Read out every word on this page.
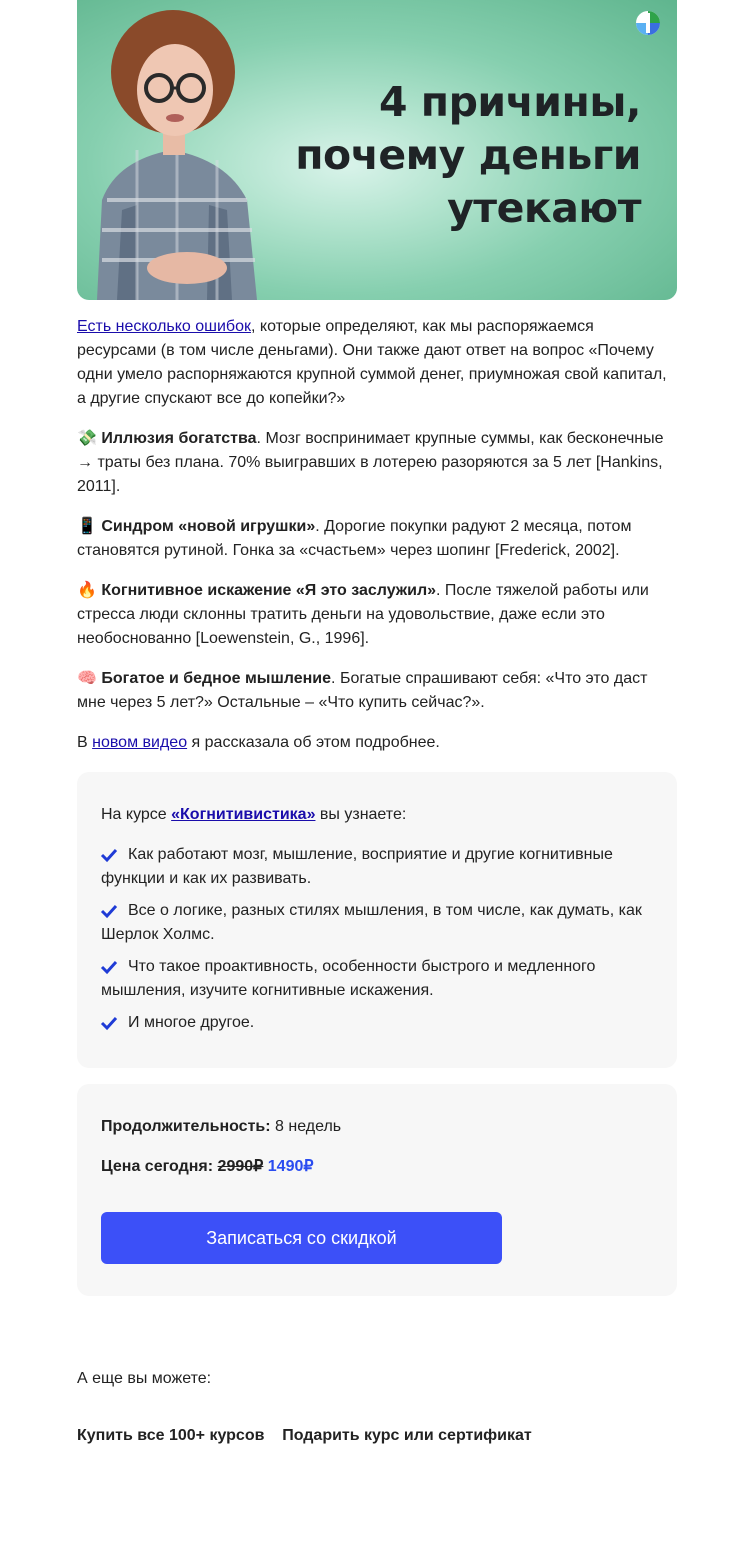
4 причины,
почему деньги
утекают

Есть несколько ошибок, которые определяют, как мы распоряжаемся ресурсами (в том числе деньгами). Они также дают ответ на вопрос «Почему одни умело распорняжаются крупной суммой денег, приумножая свой капитал, а другие спускают все до копейки?»

💸 Иллюзия богатства. Мозг воспринимает крупные суммы, как бесконечные → траты без плана. 70% выигравших в лотерею разоряются за 5 лет [Hankins, 2011].

📱 Синдром «новой игрушки». Дорогие покупки радуют 2 месяца, потом становятся рутиной. Гонка за «счастьем» через шопинг [Frederick, 2002].

🔥 Когнитивное искажение «Я это заслужил». После тяжелой работы или стресса люди склонны тратить деньги на удовольствие, даже если это необоснованно [Loewenstein, G., 1996].

🧠 Богатое и бедное мышление. Богатые спрашивают себя: «Что это даст мне через 5 лет?» Остальные – «Что купить сейчас?».

В новом видео я рассказала об этом подробнее.

На курсе «Когнитивистика» вы узнаете:

Как работают мозг, мышление, восприятие и другие когнитивные функции и как их развивать.

Все о логике, разных стилях мышления, в том числе, как думать, как Шерлок Холмс.

Что такое проактивность, особенности быстрого и медленного мышления, изучите когнитивные искажения.

И многое другое.

Продолжительность: 8 недель

Цена сегодня: 2990₽ 1490₽

Записаться со скидкой

А еще вы можете:

Купить все 100+ курсов    Подарить курс или сертификат
